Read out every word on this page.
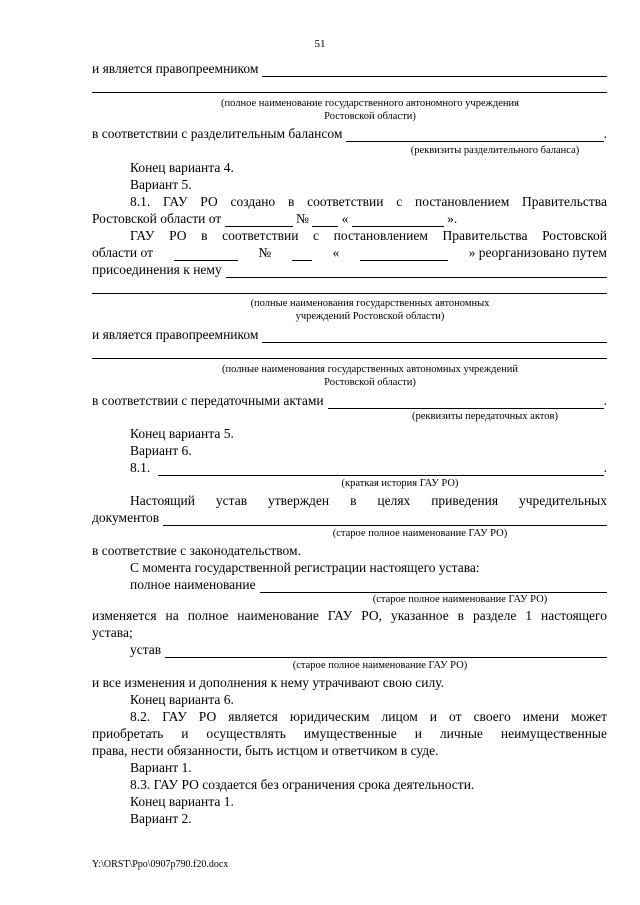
51
и является правопреемником
(полное наименование государственного автономного учреждения
Ростовской области)
в соответствии с разделительным балансом	.
(реквизиты разделительного баланса)
Конец варианта 4.
Вариант 5.
8.1. ГАУ РО создано в соответствии с постановлением Правительства
Ростовской области от	№ «	».
ГАУ РО в соответствии с постановлением Правительства Ростовской
области от	№	«	» реорганизовано путем
присоединения к нему
(полные наименования государственных автономных
учреждений Ростовской области)
и является правопреемником
(полные наименования государственных автономных учреждений
Ростовской области)
в соответствии с передаточными актами	.
(реквизиты передаточных актов)
Конец варианта 5.
Вариант 6.
8.1.	.
(краткая история ГАУ РО)
Настоящий устав утвержден в целях приведения учредительных
документов
(старое полное наименование ГАУ РО)
в соответствие с законодательством.
С момента государственной регистрации настоящего устава:
полное наименование
(старое полное наименование ГАУ РО)
изменяется на полное наименование ГАУ РО, указанное в разделе 1 настоящего
устава;
устав
(старое полное наименование ГАУ РО)
и все изменения и дополнения к нему утрачивают свою силу.
Конец варианта 6.
8.2. ГАУ РО является юридическим лицом и от своего имени может
приобретать и осуществлять имущественные и личные неимущественные
права, нести обязанности, быть истцом и ответчиком в суде.
Вариант 1.
8.3. ГАУ РО создается без ограничения срока деятельности.
Конец варианта 1.
Вариант 2.
Y:\ORST\Ppo\0907p790.f20.docx
